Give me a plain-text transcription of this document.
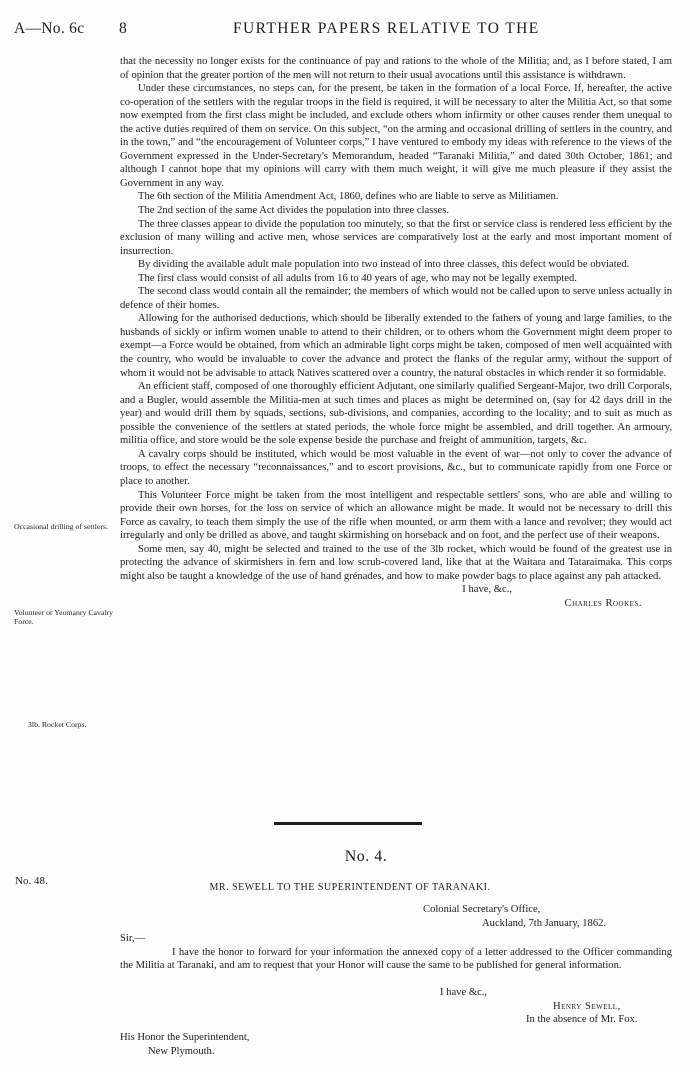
A—No. 6c 8	FURTHER PAPERS RELATIVE TO THE

that the necessity no longer exists for the continuance of pay and rations to the whole of the Militia; and, as I before stated, I am of opinion that the greater portion of the men will not return to their usual avocations until this assistance is withdrawn.

Under these circumstances, no steps can, for the present, be taken in the formation of a local Force. If, hereafter, the active co-operation of the settlers with the regular troops in the field is required, it will be necessary to alter the Militia Act, so that some now exempted from the first class might be included, and exclude others whom infirmity or other causes render them unequal to the active duties required of them on service. On this subject, “on the arming and occasional drilling of settlers in the country, and in the town,” and “the encouragement of Volunteer corps,” I have ventured to embody my ideas with reference to the views of the Government expressed in the Under-Secretary's Memorandum, headed “Taranaki Militia,” and dated 30th October, 1861; and although I cannot hope that my opinions will carry with them much weight, it will give me much pleasure if they assist the Government in any way.

The 6th section of the Militia Amendment Act, 1860, defines who are liable to serve as Militiamen.

The 2nd section of the same Act divides the population into three classes.

The three classes appear to divide the population too minutely, so that the first or service class is rendered less efficient by the exclusion of many willing and active men, whose services are comparatively lost at the early and most important moment of insurrection.

By dividing the available adult male population into two instead of into three classes, this defect would be obviated.

The first class would consist of all adults from 16 to 40 years of age, who may not be legally exempted.

The second class would contain all the remainder; the members of which would not be called upon to serve unless actually in defence of their homes.

Allowing for the authorised deductions, which should be liberally extended to the fathers of young and large families, to the husbands of sickly or infirm women unable to attend to their children, or to others whom the Government might deem proper to exempt—a Force would be obtained, from which an admirable light corps might be taken, composed of men well acquainted with the country, who would be invaluable to cover the advance and protect the flanks of the regular army, without the support of whom it would not be advisable to attack Natives scattered over a country, the natural obstacles in which render it so formidable.

An efficient staff, composed of one thoroughly efficient Adjutant, one similarly qualified Sergeant-Major, two drill Corporals, and a Bugler, would assemble the Militia-men at such times and places as might be determined on, (say for 42 days drill in the year) and would drill them by squads, sections, sub-divisions, and companies, according to the locality; and to suit as much as possible the convenience of the settlers at stated periods, the whole force might be assembled, and drill together. An armoury, militia office, and store would be the sole expense beside the purchase and freight of ammunition, targets, &c.

A cavalry corps should be instituted, which would be most valuable in the event of war—not only to cover the advance of troops, to effect the necessary “reconnaissances,” and to escort provisions, &c., but to communicate rapidly from one Force or place to another.

This Volunteer Force might be taken from the most intelligent and respectable settlers' sons, who are able and willing to provide their own horses, for the loss on service of which an allowance might be made. It would not be necessary to drill this Force as cavalry, to teach them simply the use of the rifle when mounted, or arm them with a lance and revolver; they would act irregularly and only be drilled as above, and taught skirmishing on horseback and on foot, and the perfect use of their weapons.

Some men, say 40, might be selected and trained to the use of the 3lb rocket, which would be found of the greatest use in protecting the advance of skirmishers in fern and low scrub-covered land, like that at the Waitara and Tataraimaka. This corps might also be taught a knowledge of the use of hand grénades, and how to make powder bags to place against any pah attacked.

I have, &c.,
Charles Rookes.
Occasional drilling of settlers.
Volunteer or Yeomanry Cavalry Force.
3lb. Rocket Corps.
No. 48.
No. 4.
MR. SEWELL TO THE SUPERINTENDENT OF TARANAKI.
Colonial Secretary's Office,
Auckland, 7th January, 1862.
Sir,—

I have the honor to forward for your information the annexed copy of a letter addressed to the Officer commanding the Militia at Taranaki, and am to request that your Honor will cause the same to be published for general information.

I have &c.,
Henry Sewell,
In the absence of Mr. Fox.
His Honor the Superintendent,
New Plymouth.
